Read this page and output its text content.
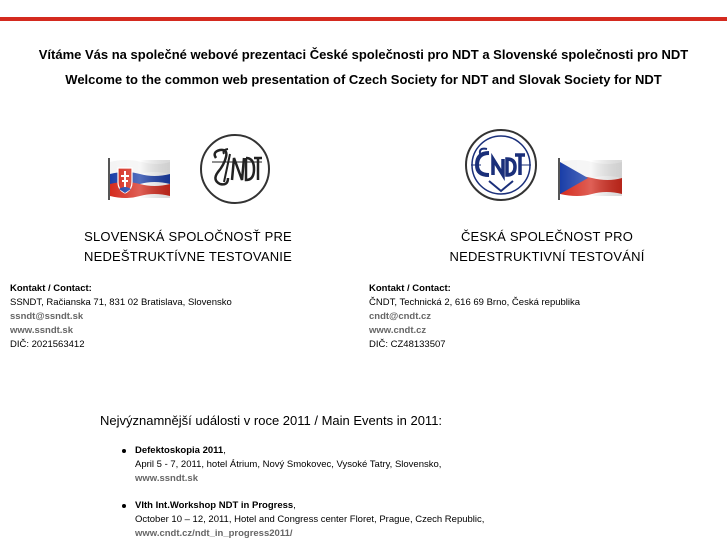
Vítáme Vás na společné webové prezentaci České společnosti pro NDT a Slovenské společnosti pro NDT

Welcome to the common web presentation of Czech Society for NDT and Slovak Society for NDT

SLOVENSKÁ SPOLOČNOSŤ PRE
NEDEŠTRUKTÍVNE TESTOVANIE
ČESKÁ SPOLEČNOST PRO
NEDESTRUKTIVNÍ TESTOVÁNÍ
Kontakt / Contact:
SSNDT, Račianska 71, 831 02 Bratislava, Slovensko
ssndt@ssndt.sk
www.ssndt.sk
DIČ: 2021563412
Kontakt / Contact:
ČNDT, Technická 2, 616 69 Brno, Česká republika
cndt@cndt.cz
www.cndt.cz
DIČ: CZ48133507
Nejvýznamnější události v roce 2011 / Main Events in 2011:
Defektoskopia 2011,
April 5 - 7, 2011, hotel Átrium, Nový Smokovec, Vysoké Tatry, Slovensko,
www.ssndt.sk
VIth Int.Workshop NDT in Progress,
October 10 – 12, 2011, Hotel and Congress center Floret, Prague, Czech Republic,
www.cndt.cz/ndt_in_progress2011/
